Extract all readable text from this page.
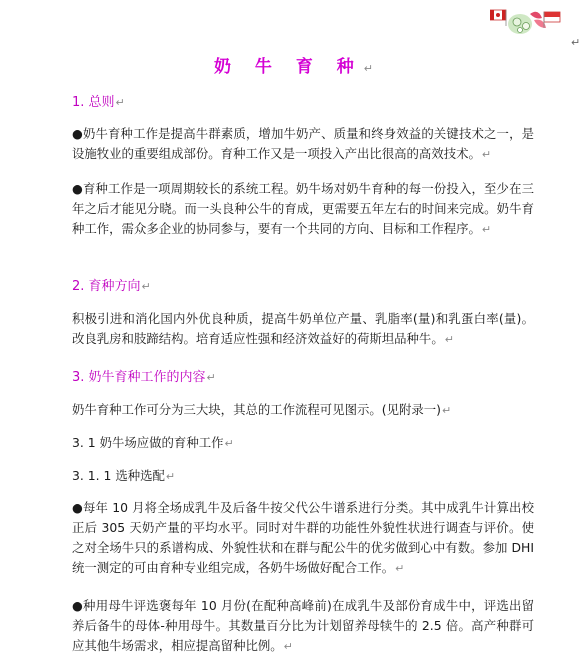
↵
奶 牛 育 种↵
1. 总则↵

●奶牛育种工作是提高牛群素质，增加牛奶产、质量和终身效益的关键技术之一，是设施牧业的重要组成部份。育种工作又是一项投入产出比很高的高效技术。↵

●育种工作是一项周期较长的系统工程。奶牛场对奶牛育种的每一份投入，至少在三年之后才能见分晓。而一头良种公牛的育成，更需要五年左右的时间来完成。奶牛育种工作，需众多企业的协同参与，要有一个共同的方向、目标和工作程序。↵

2. 育种方向↵

积极引进和消化国内外优良种质，提高牛奶单位产量、乳脂率(量)和乳蛋白率(量)。改良乳房和肢蹄结构。培育适应性强和经济效益好的荷斯坦品种牛。↵

3. 奶牛育种工作的内容↵
奶牛育种工作可分为三大块，其总的工作流程可见图示。(见附录一)↵
3. 1 奶牛场应做的育种工作↵
3. 1. 1 选种选配↵

●每年 10 月将全场成乳牛及后备牛按父代公牛谱系进行分类。其中成乳牛计算出校正后 305 天奶产量的平均水平。同时对牛群的功能性外貌性状进行调查与评价。使之对全场牛只的系谱构成、外貌性状和在群与配公牛的优劣做到心中有数。参加 DHI 统一测定的可由育种专业组完成，各奶牛场做好配合工作。↵

●种用母牛评选褒每年 10 月份(在配种高峰前)在成乳牛及部份育成牛中，评选出留养后备牛的母体-种用母牛。其数量百分比为计划留养母犊牛的 2.5 倍。高产种群可应其他牛场需求，相应提高留种比例。↵
